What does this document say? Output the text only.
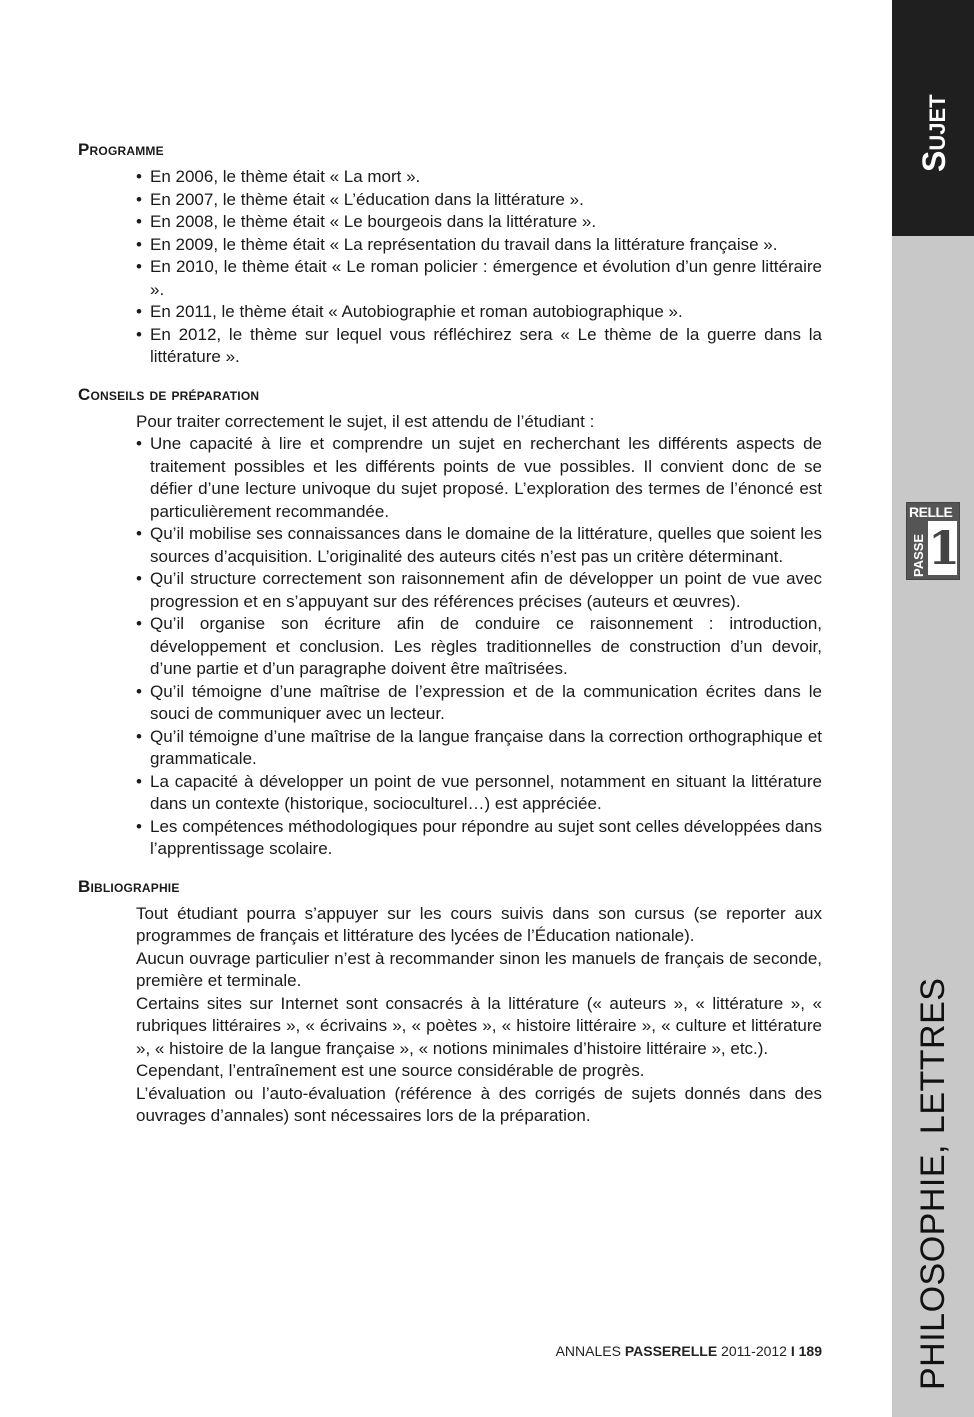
Programme
• En 2006, le thème était « La mort ».
• En 2007, le thème était « L’éducation dans la littérature ».
• En 2008, le thème était « Le bourgeois dans la littérature ».
• En 2009, le thème était « La représentation du travail dans la littérature française ».
• En 2010, le thème était « Le roman policier : émergence et évolution d’un genre littéraire ».
• En 2011, le thème était « Autobiographie et roman autobiographique ».
• En 2012, le thème sur lequel vous réfléchirez sera « Le thème de la guerre dans la littérature ».
Conseils de préparation

Pour traiter correctement le sujet, il est attendu de l’étudiant :

• Une capacité à lire et comprendre un sujet en recherchant les différents aspects de traitement possibles et les différents points de vue possibles. Il convient donc de se défier d’une lecture univoque du sujet proposé. L’exploration des termes de l’énoncé est particulièrement recommandée.
• Qu’il mobilise ses connaissances dans le domaine de la littérature, quelles que soient les sources d’acquisition. L’originalité des auteurs cités n’est pas un critère déterminant.
• Qu’il structure correctement son raisonnement afin de développer un point de vue avec progression et en s’appuyant sur des références précises (auteurs et œuvres).
• Qu’il organise son écriture afin de conduire ce raisonnement : introduction, développement et conclusion. Les règles traditionnelles de construction d’un devoir, d’une partie et d’un paragraphe doivent être maîtrisées.
• Qu’il témoigne d’une maîtrise de l’expression et de la communication écrites dans le souci de communiquer avec un lecteur.
• Qu’il témoigne d’une maîtrise de la langue française dans la correction orthographique et grammaticale.
• La capacité à développer un point de vue personnel, notamment en situant la littérature dans un contexte (historique, socioculturel…) est appréciée.
• Les compétences méthodologiques pour répondre au sujet sont celles développées dans l’apprentissage scolaire.
Bibliographie

Tout étudiant pourra s’appuyer sur les cours suivis dans son cursus (se reporter aux programmes de français et littérature des lycées de l’Éducation nationale).

Aucun ouvrage particulier n’est à recommander sinon les manuels de français de seconde, première et terminale.

Certains sites sur Internet sont consacrés à la littérature (« auteurs », « littérature », « rubriques littéraires », « écrivains », « poètes », « histoire littéraire », « culture et littérature », « histoire de la langue française », « notions minimales d’histoire littéraire », etc.).

Cependant, l’entraînement est une source considérable de progrès.

L’évaluation ou l’auto-évaluation (référence à des corrigés de sujets donnés dans des ouvrages d’annales) sont nécessaires lors de la préparation.

ANNALES PASSERELLE 2011-2012 I 189
Sujet
RELLE
PASSE 1
PHILOSOPHIE, LETTRES
